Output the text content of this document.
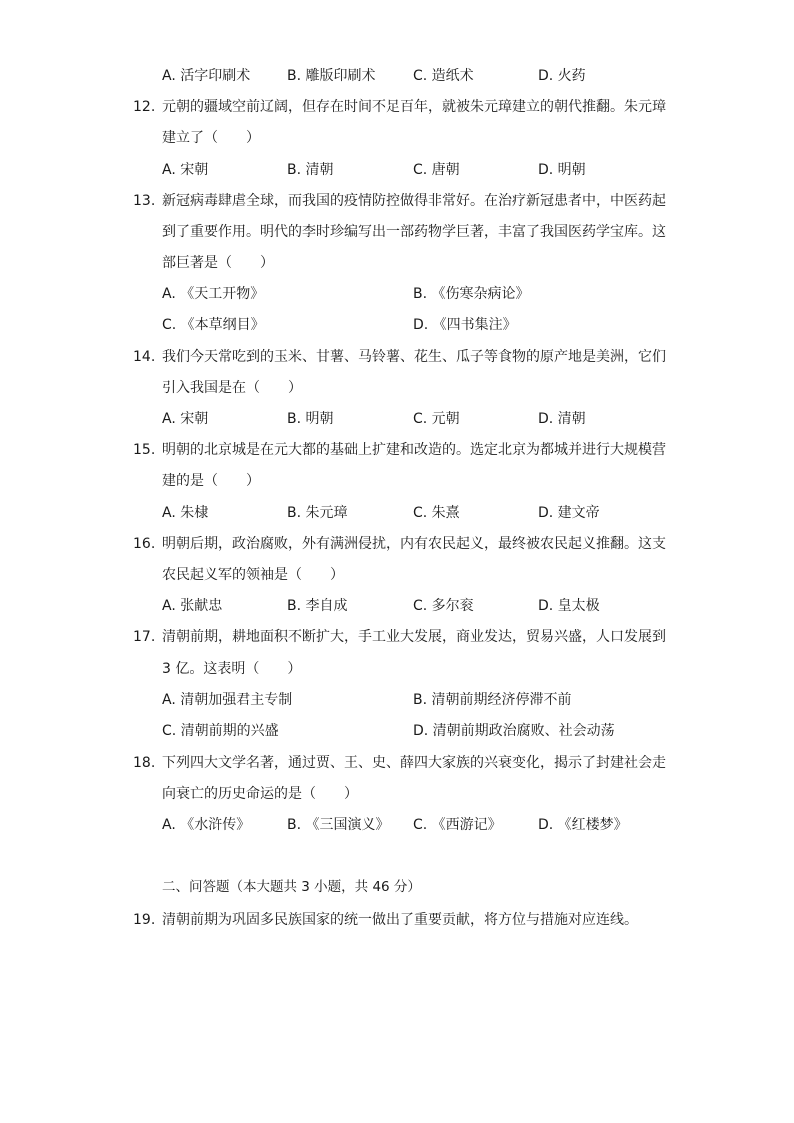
A. 活字印刷术	B. 雕版印刷术	C. 造纸术	D. 火药
12. 元朝的疆域空前辽阔，但存在时间不足百年，就被朱元璋建立的朝代推翻。朱元璋
建立了（　　）
A. 宋朝	B. 清朝	C. 唐朝	D. 明朝
13. 新冠病毒肆虐全球，而我国的疫情防控做得非常好。在治疗新冠患者中，中医药起
到了重要作用。明代的李时珍编写出一部药物学巨著，丰富了我国医药学宝库。这
部巨著是（　　）
A. 《天工开物》	B. 《伤寒杂病论》
C. 《本草纲目》	D. 《四书集注》
14. 我们今天常吃到的玉米、甘薯、马铃薯、花生、瓜子等食物的原产地是美洲，它们
引入我国是在（　　）
A. 宋朝	B. 明朝	C. 元朝	D. 清朝
15. 明朝的北京城是在元大都的基础上扩建和改造的。选定北京为都城并进行大规模营
建的是（　　）
A. 朱棣	B. 朱元璋	C. 朱熹	D. 建文帝
16. 明朝后期，政治腐败，外有满洲侵扰，内有农民起义，最终被农民起义推翻。这支
农民起义军的领袖是（　　）
A. 张献忠	B. 李自成	C. 多尔衮	D. 皇太极
17. 清朝前期，耕地面积不断扩大，手工业大发展，商业发达，贸易兴盛，人口发展到
3 亿。这表明（　　）
A. 清朝加强君主专制	B. 清朝前期经济停滞不前
C. 清朝前期的兴盛	D. 清朝前期政治腐败、社会动荡
18. 下列四大文学名著，通过贾、王、史、薛四大家族的兴衰变化，揭示了封建社会走
向衰亡的历史命运的是（　　）
A. 《水浒传》	B. 《三国演义》 C. 《西游记》	D. 《红楼梦》
二、问答题（本大题共 3 小题，共 46 分）
19. 清朝前期为巩固多民族国家的统一做出了重要贡献，将方位与措施对应连线。
